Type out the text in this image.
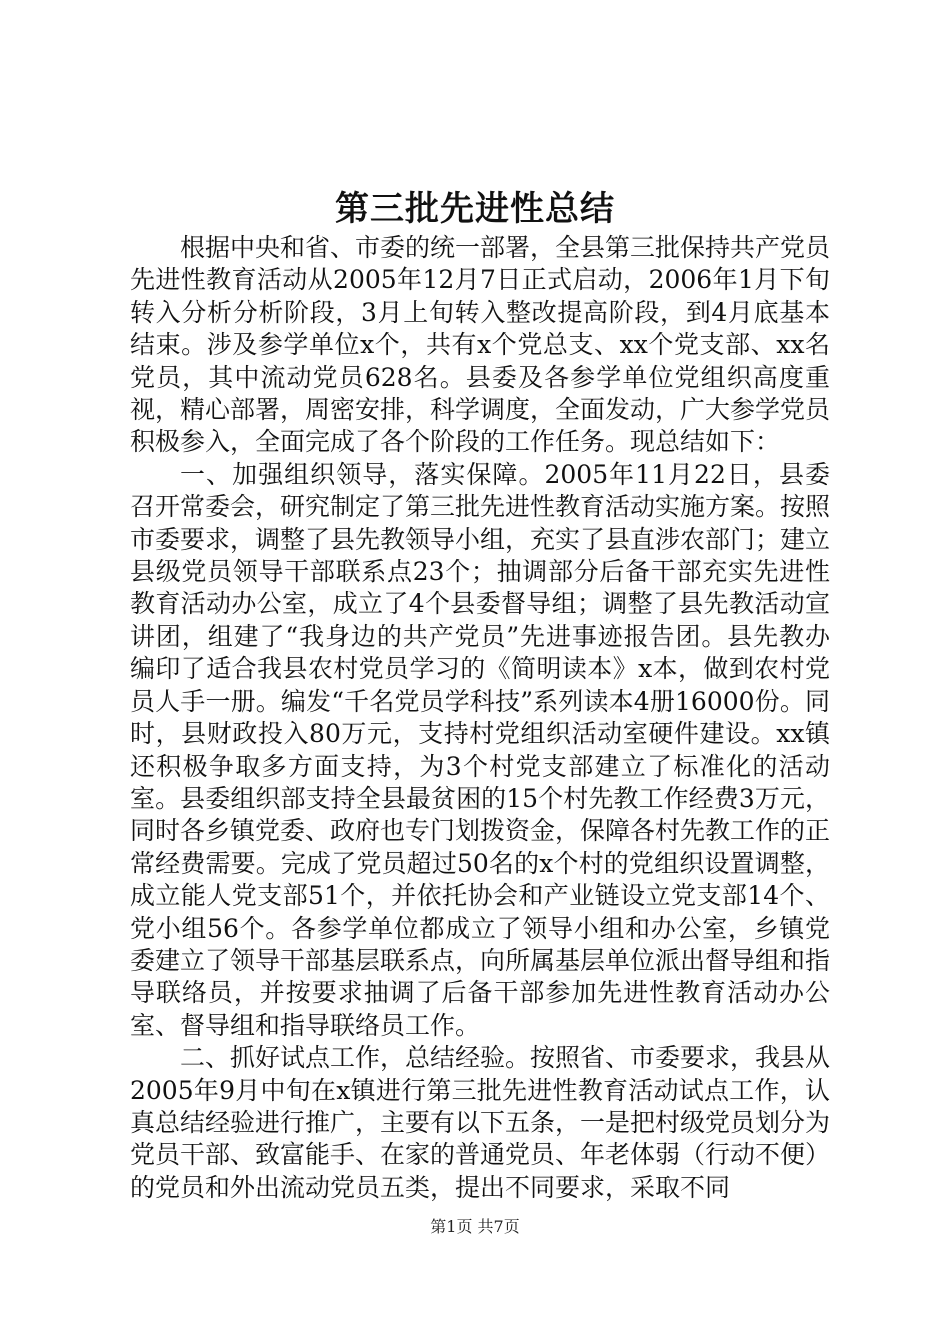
第三批先进性总结

根据中央和省、市委的统一部署，全县第三批保持共产党员先进性教育活动从2005年12月7日正式启动，2006年1月下旬转入分析分析阶段，3月上旬转入整改提高阶段，到4月底基本结束。涉及参学单位x个，共有x个党总支、xx个党支部、xx名党员，其中流动党员628名。县委及各参学单位党组织高度重视，精心部署，周密安排，科学调度，全面发动，广大参学党员积极参入，全面完成了各个阶段的工作任务。现总结如下：

一、加强组织领导，落实保障。2005年11月22日，县委召开常委会，研究制定了第三批先进性教育活动实施方案。按照市委要求，调整了县先教领导小组，充实了县直涉农部门；建立县级党员领导干部联系点23个；抽调部分后备干部充实先进性教育活动办公室，成立了4个县委督导组；调整了县先教活动宣讲团，组建了“我身边的共产党员”先进事迹报告团。县先教办编印了适合我县农村党员学习的《简明读本》x本，做到农村党员人手一册。编发“千名党员学科技”系列读本4册16000份。同时，县财政投入80万元，支持村党组织活动室硬件建设。xx镇还积极争取多方面支持，为3个村党支部建立了标准化的活动室。县委组织部支持全县最贫困的15个村先教工作经费3万元，同时各乡镇党委、政府也专门划拨资金，保障各村先教工作的正常经费需要。完成了党员超过50名的x个村的党组织设置调整，成立能人党支部51个，并依托协会和产业链设立党支部14个、党小组56个。各参学单位都成立了领导小组和办公室，乡镇党委建立了领导干部基层联系点，向所属基层单位派出督导组和指导联络员，并按要求抽调了后备干部参加先进性教育活动办公室、督导组和指导联络员工作。

二、抓好试点工作，总结经验。按照省、市委要求，我县从2005年9月中旬在x镇进行第三批先进性教育活动试点工作，认真总结经验进行推广，主要有以下五条，一是把村级党员划分为党员干部、致富能手、在家的普通党员、年老体弱（行动不便）的党员和外出流动党员五类，提出不同要求，采取不同

第1页 共7页
